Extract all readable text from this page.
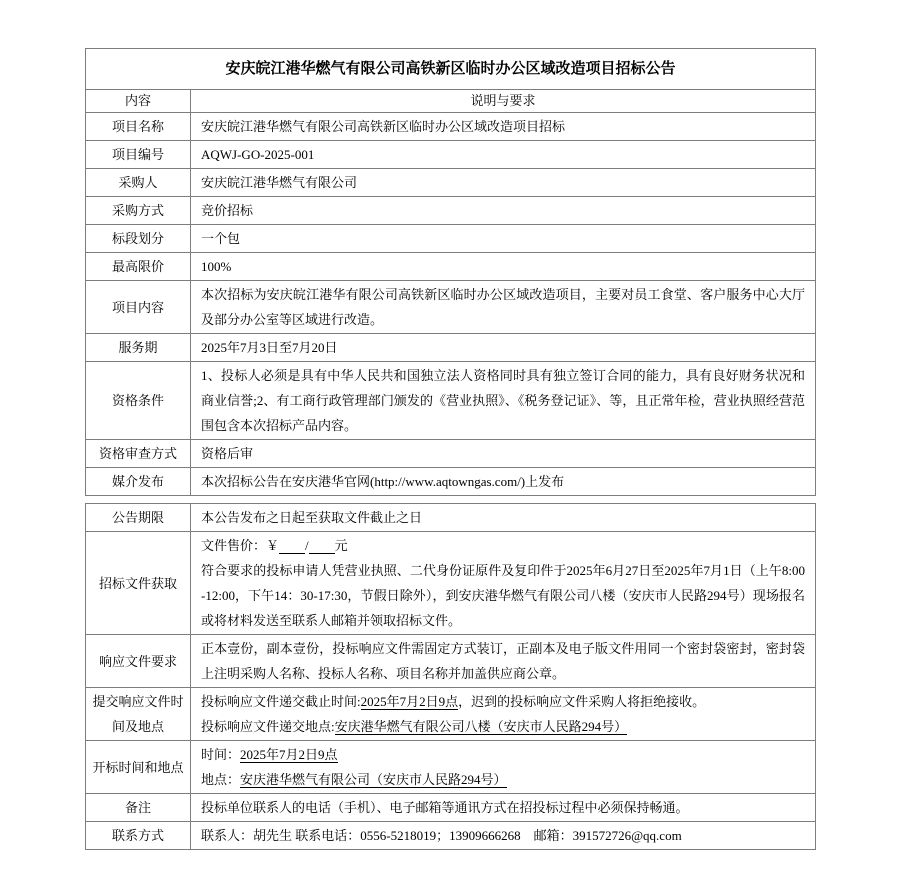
安庆皖江港华燃气有限公司高铁新区临时办公区域改造项目招标公告	
内容	说明与要求
项目名称	安庆皖江港华燃气有限公司高铁新区临时办公区域改造项目招标

项目编号	AQWJ-GO-2025-001

采购人	安庆皖江港华燃气有限公司

采购方式	竞价招标

标段划分	一个包

最高限价	100%

项目内容	本次招标为安庆皖江港华有限公司高铁新区临时办公区域改造项目，主要对员工食堂、客户服务中心大厅及部分办公室等区域进行改造。

服务期	2025年7月3日至7月20日

资格条件	1、投标人必须是具有中华人民共和国独立法人资格同时具有独立签订合同的能力，具有良好财务状况和商业信誉;2、有工商行政管理部门颁发的《营业执照》、《税务登记证》、等，且正常年检，营业执照经营范围包含本次招标产品内容。

资格审查方式	资格后审

媒介发布	本次招标公告在安庆港华官网(http://www.aqtowngas.com/)上发布
公告期限	本公告发布之日起至获取文件截止之日

招标文件获取	文件售价：￥　　 /　　 元
符合要求的投标申请人凭营业执照、二代身份证原件及复印件于2025年6月27日至2025年7月1日（上午8:00-12:00，下午14：30-17:30，节假日除外），到安庆港华燃气有限公司八楼（安庆市人民路294号）现场报名或将材料发送至联系人邮箱并领取招标文件。

响应文件要求	正本壹份，副本壹份，投标响应文件需固定方式装订，正副本及电子版文件用同一个密封袋密封，密封袋上注明采购人名称、投标人名称、项目名称并加盖供应商公章。

提交响应文件时间及地点	投标响应文件递交截止时间:2025年7月2日9点，迟到的投标响应文件采购人将拒绝接收。
投标响应文件递交地点:安庆港华燃气有限公司八楼（安庆市人民路294号）

开标时间和地点	时间：2025年7月2日9点
地点：安庆港华燃气有限公司（安庆市人民路294号）

备注	投标单位联系人的电话（手机）、电子邮箱等通讯方式在招投标过程中必须保持畅通。

联系方式	联系人：胡先生 联系电话：0556-5218019；13909666268　邮箱：391572726@qq.com
